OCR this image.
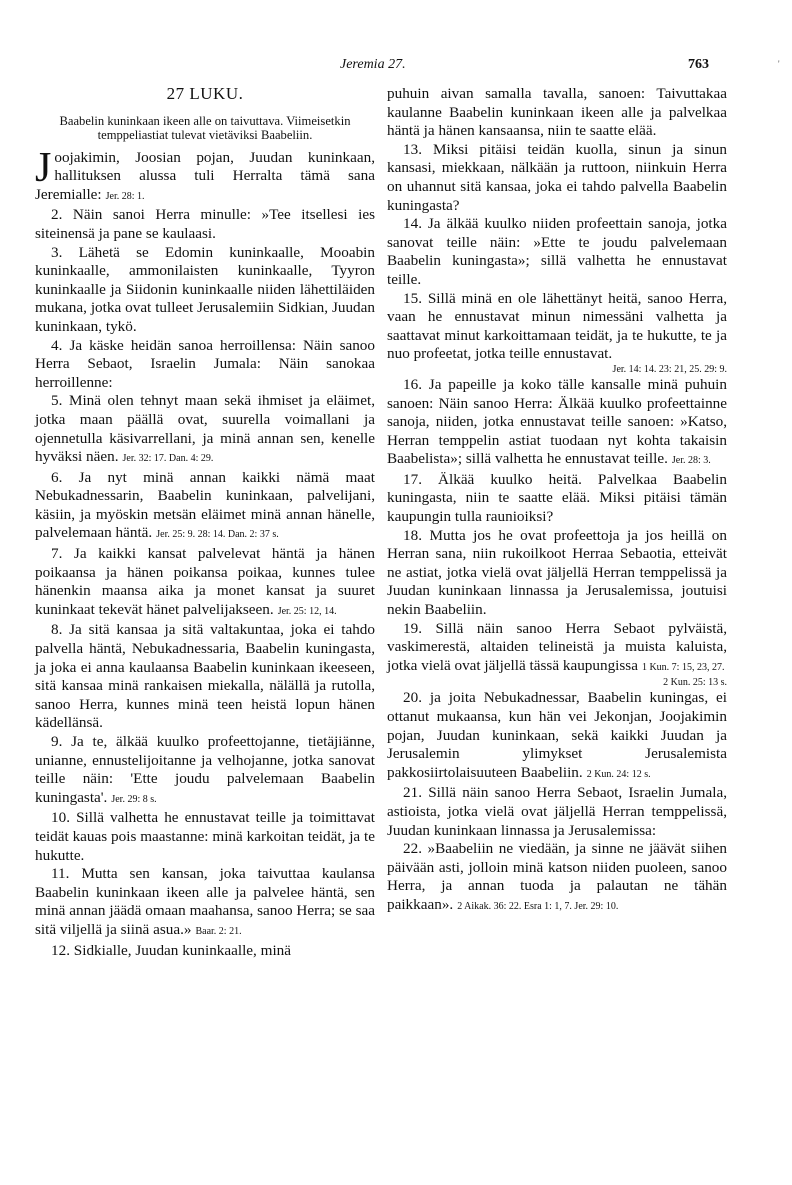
Jeremia 27.	763	'
27 LUKU.
Baabelin kuninkaan ikeen alle on taivuttava. Viimeisetkin temppeliastiat tulevat vietäviksi Baabeliin.

Joojakimin, Joosian pojan, Juudan kuninkaan, hallituksen alussa tuli Herralta tämä sana Jeremialle: Jer. 28: 1.

2. Näin sanoi Herra minulle: »Tee itsellesi ies siteinensä ja pane se kaulaasi.

3. Lähetä se Edomin kuninkaalle, Mooabin kuninkaalle, ammonilaisten kuninkaalle, Tyyron kuninkaalle ja Siidonin kuninkaalle niiden lähettiläiden mukana, jotka ovat tulleet Jerusalemiin Sidkian, Juudan kuninkaan, tykö.

4. Ja käske heidän sanoa herroillensa: Näin sanoo Herra Sebaot, Israelin Jumala: Näin sanokaa herroillenne:

5. Minä olen tehnyt maan sekä ihmiset ja eläimet, jotka maan päällä ovat, suurella voimallani ja ojennetulla käsivarrellani, ja minä annan sen, kenelle hyväksi näen. Jer. 32: 17. Dan. 4: 29.

6. Ja nyt minä annan kaikki nämä maat Nebukadnessarin, Baabelin kuninkaan, palvelijani, käsiin, ja myöskin metsän eläimet minä annan hänelle, palvelemaan häntä. Jer. 25: 9. 28: 14. Dan. 2: 37 s.

7. Ja kaikki kansat palvelevat häntä ja hänen poikaansa ja hänen poikansa poikaa, kunnes tulee hänenkin maansa aika ja monet kansat ja suuret kuninkaat tekevät hänet palvelijakseen. Jer. 25: 12, 14.

8. Ja sitä kansaa ja sitä valtakuntaa, joka ei tahdo palvella häntä, Nebukadnessaria, Baabelin kuningasta, ja joka ei anna kaulaansa Baabelin kuninkaan ikeeseen, sitä kansaa minä rankaisen miekalla, nälällä ja rutolla, sanoo Herra, kunnes minä teen heistä lopun hänen kädellänsä.

9. Ja te, älkää kuulko profeettojanne, tietäjiänne, unianne, ennustelijoitanne ja velhojanne, jotka sanovat teille näin: 'Ette joudu palvelemaan Baabelin kuningasta'. Jer. 29: 8 s.

10. Sillä valhetta he ennustavat teille ja toimittavat teidät kauas pois maastanne: minä karkoitan teidät, ja te hukutte.

11. Mutta sen kansan, joka taivuttaa kaulansa Baabelin kuninkaan ikeen alle ja palvelee häntä, sen minä annan jäädä omaan maahansa, sanoo Herra; se saa sitä viljellä ja siinä asua.» Baar. 2: 21.

12. Sidkialle, Juudan kuninkaalle, minä

puhuin aivan samalla tavalla, sanoen: Taivuttakaa kaulanne Baabelin kuninkaan ikeen alle ja palvelkaa häntä ja hänen kansaansa, niin te saatte elää.

13. Miksi pitäisi teidän kuolla, sinun ja sinun kansasi, miekkaan, nälkään ja ruttoon, niinkuin Herra on uhannut sitä kansaa, joka ei tahdo palvella Baabelin kuningasta?

14. Ja älkää kuulko niiden profeettain sanoja, jotka sanovat teille näin: »Ette te joudu palvelemaan Baabelin kuningasta»; sillä valhetta he ennustavat teille.

15. Sillä minä en ole lähettänyt heitä, sanoo Herra, vaan he ennustavat minun nimessäni valhetta ja saattavat minut karkoittamaan teidät, ja te hukutte, te ja nuo profeetat, jotka teille ennustavat.

Jer. 14: 14. 23: 21, 25. 29: 9.

16. Ja papeille ja koko tälle kansalle minä puhuin sanoen: Näin sanoo Herra: Älkää kuulko profeettainne sanoja, niiden, jotka ennustavat teille sanoen: »Katso, Herran temppelin astiat tuodaan nyt kohta takaisin Baabelista»; sillä valhetta he ennustavat teille. Jer. 28: 3.

17. Älkää kuulko heitä. Palvelkaa Baabelin kuningasta, niin te saatte elää. Miksi pitäisi tämän kaupungin tulla raunioiksi?

18. Mutta jos he ovat profeettoja ja jos heillä on Herran sana, niin rukoilkoot Herraa Sebaotia, etteivät ne astiat, jotka vielä ovat jäljellä Herran temppelissä ja Juudan kuninkaan linnassa ja Jerusalemissa, joutuisi nekin Baabeliin.

19. Sillä näin sanoo Herra Sebaot pylväistä, vaskimerestä, altaiden telineistä ja muista kaluista, jotka vielä ovat jäljellä tässä kaupungissa 1 Kun. 7: 15, 23, 27.

2 Kun. 25: 13 s.

20. ja joita Nebukadnessar, Baabelin kuningas, ei ottanut mukaansa, kun hän vei Jekonjan, Joojakimin pojan, Juudan kuninkaan, sekä kaikki Juudan ja Jerusalemin ylimykset Jerusalemista pakkosiirtolaisuuteen Baabeliin. 2 Kun. 24: 12 s.

21. Sillä näin sanoo Herra Sebaot, Israelin Jumala, astioista, jotka vielä ovat jäljellä Herran temppelissä, Juudan kuninkaan linnassa ja Jerusalemissa:

22. »Baabeliin ne viedään, ja sinne ne jäävät siihen päivään asti, jolloin minä katson niiden puoleen, sanoo Herra, ja annan tuoda ja palautan ne tähän paikkaan». 2 Aikak. 36: 22. Esra 1: 1, 7. Jer. 29: 10.
